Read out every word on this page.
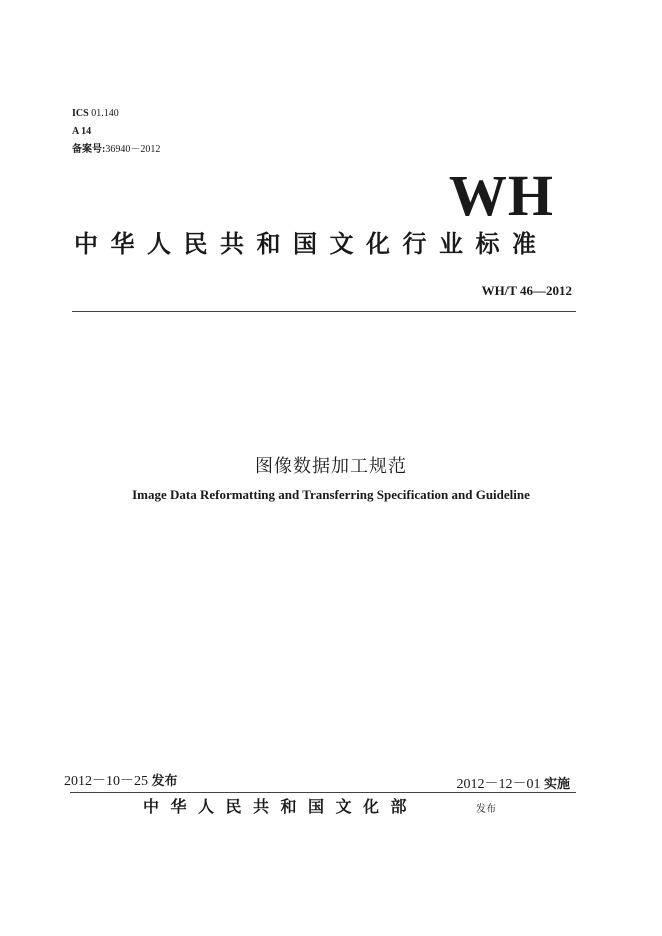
ICS 01.140
A 14
备案号:36940－2012
WH
中华人民共和国文化行业标准
WH/T 46—2012
图像数据加工规范
Image Data Reformatting and Transferring Specification and Guideline
2012－10－25 发布	2012－12－01 实施
中华人民共和国文化部	发布
